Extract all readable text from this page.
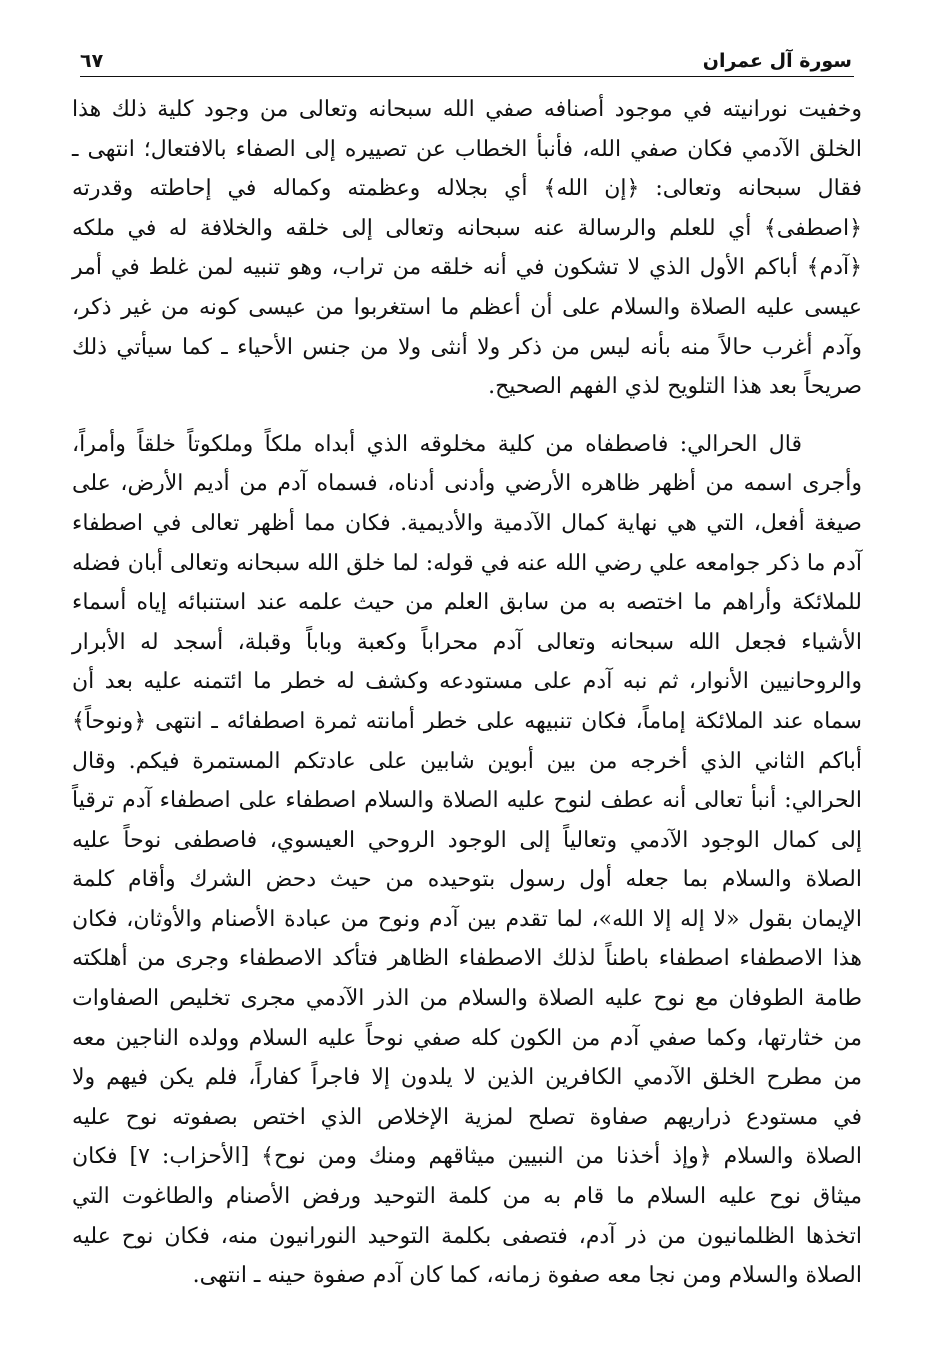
سورة آل عمران
٦٧

وخفيت نورانيته في موجود أصنافه صفي الله سبحانه وتعالى من وجود كلية ذلك هذا
الخلق الآدمي فكان صفي الله، فأنبأ الخطاب عن تصييره إلى الصفاء بالافتعال؛ انتهى ـ
فقال سبحانه وتعالى: ﴿إن الله﴾ أي بجلاله وعظمته وكماله في إحاطته وقدرته
﴿اصطفى﴾ أي للعلم والرسالة عنه سبحانه وتعالى إلى خلقه والخلافة له في ملكه
﴿آدم﴾ أباكم الأول الذي لا تشكون في أنه خلقه من تراب، وهو تنبيه لمن غلط في أمر
عيسى عليه الصلاة والسلام على أن أعظم ما استغربوا من عيسى كونه من غير ذكر،
وآدم أغرب حالاً منه بأنه ليس من ذكر ولا أنثى ولا من جنس الأحياء ـ كما سيأتي ذلك
صريحاً بعد هذا التلويح لذي الفهم الصحيح.

قال الحرالي: فاصطفاه من كلية مخلوقه الذي أبداه ملكاً وملكوتاً خلقاً وأمراً،
وأجرى اسمه من أظهر ظاهره الأرضي وأدنى أدناه، فسماه آدم من أديم الأرض، على
صيغة أفعل، التي هي نهاية كمال الآدمية والأديمية. فكان مما أظهر تعالى في اصطفاء
آدم ما ذكر جوامعه علي رضي الله عنه في قوله: لما خلق الله سبحانه وتعالى أبان فضله
للملائكة وأراهم ما اختصه به من سابق العلم من حيث علمه عند استنبائه إياه أسماء
الأشياء فجعل الله سبحانه وتعالى آدم محراباً وكعبة وباباً وقبلة، أسجد له الأبرار
والروحانيين الأنوار، ثم نبه آدم على مستودعه وكشف له خطر ما ائتمنه عليه بعد أن
سماه عند الملائكة إماماً، فكان تنبيهه على خطر أمانته ثمرة اصطفائه ـ انتهى ﴿ونوحاً﴾
أباكم الثاني الذي أخرجه من بين أبوين شابين على عادتكم المستمرة فيكم. وقال
الحرالي: أنبأ تعالى أنه عطف لنوح عليه الصلاة والسلام اصطفاء على اصطفاء آدم ترقياً
إلى كمال الوجود الآدمي وتعالياً إلى الوجود الروحي العيسوي، فاصطفى نوحاً عليه
الصلاة والسلام بما جعله أول رسول بتوحيده من حيث دحض الشرك وأقام كلمة
الإيمان بقول «لا إله إلا الله»، لما تقدم بين آدم ونوح من عبادة الأصنام والأوثان، فكان
هذا الاصطفاء اصطفاء باطناً لذلك الاصطفاء الظاهر فتأكد الاصطفاء وجرى من أهلكته
طامة الطوفان مع نوح عليه الصلاة والسلام من الذر الآدمي مجرى تخليص الصفاوات
من خثارتها، وكما صفي آدم من الكون كله صفي نوحاً عليه السلام وولده الناجين معه
من مطرح الخلق الآدمي الكافرين الذين لا يلدون إلا فاجراً كفاراً، فلم يكن فيهم ولا
في مستودع ذراريهم صفاوة تصلح لمزية الإخلاص الذي اختص بصفوته نوح عليه
الصلاة والسلام ﴿وإذ أخذنا من النبيين ميثاقهم ومنك ومن نوح﴾ [الأحزاب: ٧] فكان
ميثاق نوح عليه السلام ما قام به من كلمة التوحيد ورفض الأصنام والطاغوت التي
اتخذها الظلمانيون من ذر آدم، فتصفى بكلمة التوحيد النورانيون منه، فكان نوح عليه
الصلاة والسلام ومن نجا معه صفوة زمانه، كما كان آدم صفوة حينه ـ انتهى.
